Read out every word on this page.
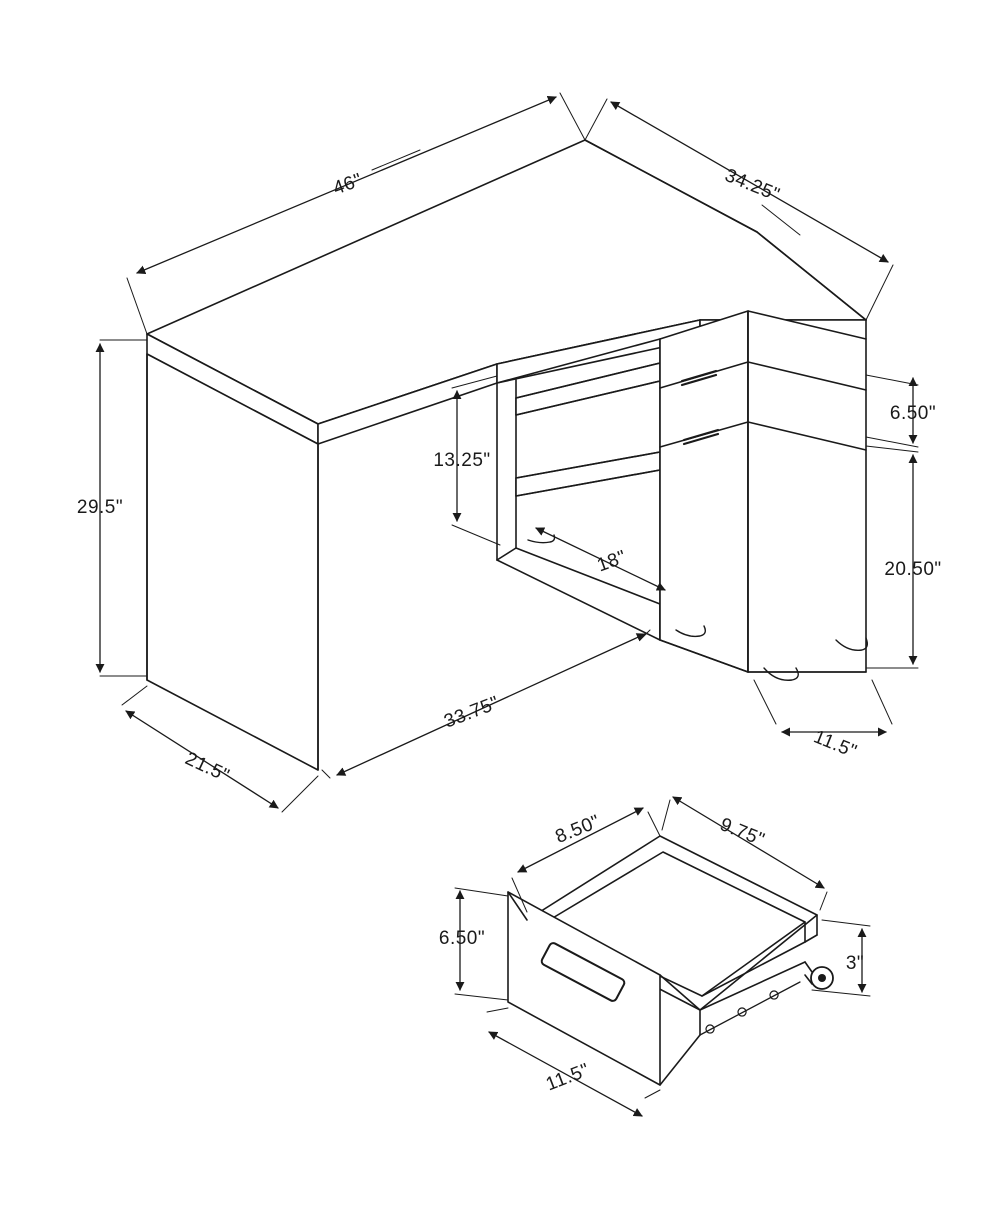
46"	34.25"
29.5"
21.5"
33.75"
13.25"
18"
6.50"
20.50"
11.5"
8.50"	9.75"
6.50"
3"
11.5"
